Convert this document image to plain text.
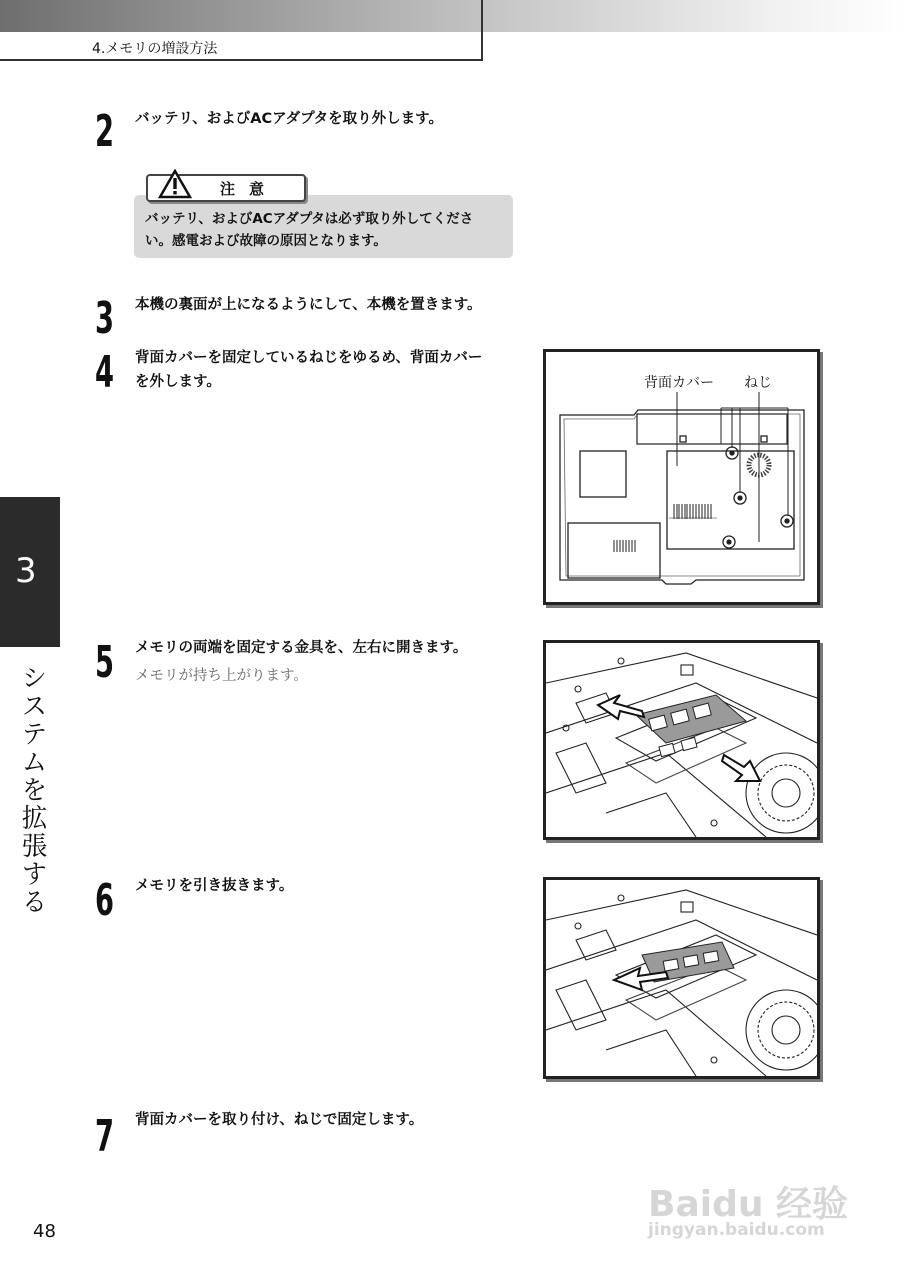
4.メモリの増設方法
2 バッテリ、およびACアダプタを取り外します。
注意
バッテリ、およびACアダプタは必ず取り外してくださ
い。感電および故障の原因となります。
3 本機の裏面が上になるようにして、本機を置きます。
4 背面カバーを固定しているねじをゆるめ、背面カバー
を外します。	背面カバー ねじ
3
システムを拡張する
5 メモリの両端を固定する金具を、左右に開きます。
メモリが持ち上がります。
6 メモリを引き抜きます。
7 背面カバーを取り付け、ねじで固定します。
48
Baidu 经验
jingyan.baidu.com
